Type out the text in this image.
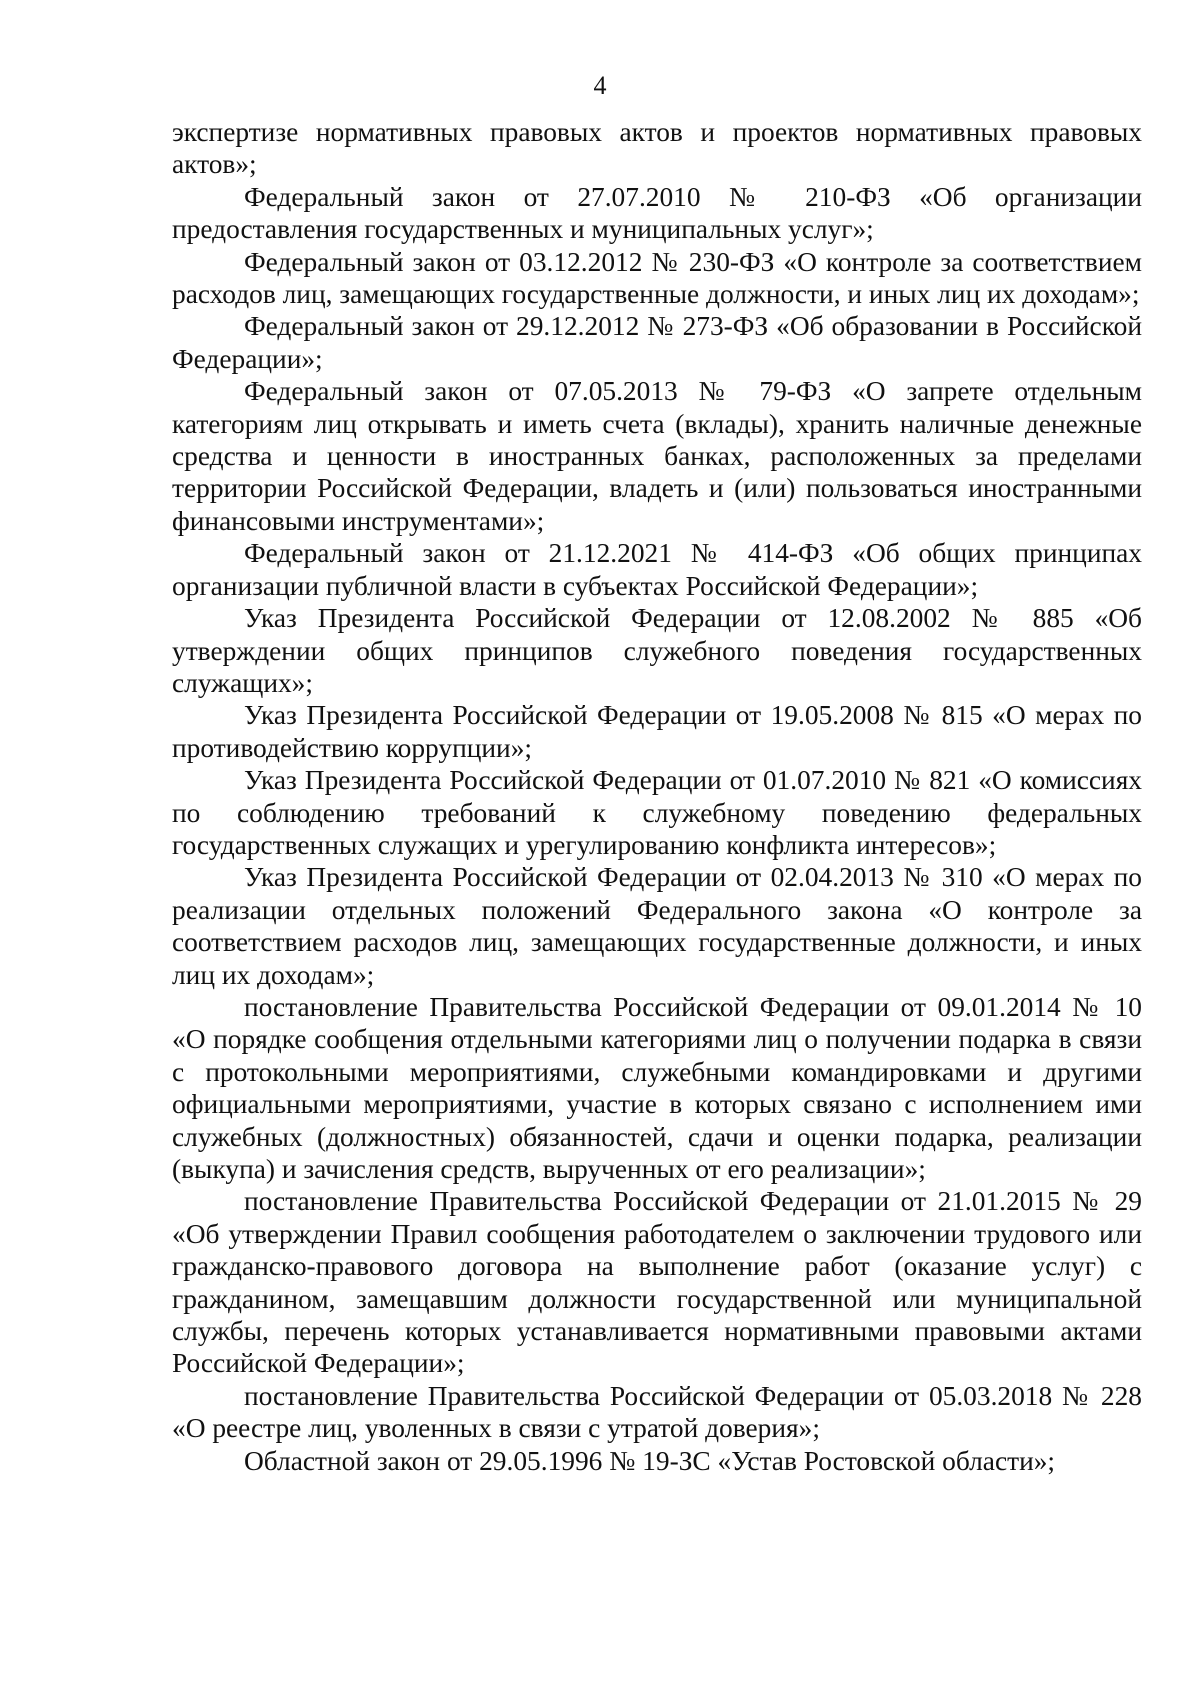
4

экспертизе нормативных правовых актов и проектов нормативных правовых актов»;

Федеральный закон от 27.07.2010 № 210-ФЗ «Об организации предоставления государственных и муниципальных услуг»;

Федеральный закон от 03.12.2012 № 230-ФЗ «О контроле за соответствием расходов лиц, замещающих государственные должности, и иных лиц их доходам»;

Федеральный закон от 29.12.2012 № 273-ФЗ «Об образовании в Российской Федерации»;

Федеральный закон от 07.05.2013 № 79-ФЗ «О запрете отдельным категориям лиц открывать и иметь счета (вклады), хранить наличные денежные средства и ценности в иностранных банках, расположенных за пределами территории Российской Федерации, владеть и (или) пользоваться иностранными финансовыми инструментами»;

Федеральный закон от 21.12.2021 № 414-ФЗ «Об общих принципах организации публичной власти в субъектах Российской Федерации»;

Указ Президента Российской Федерации от 12.08.2002 № 885 «Об утверждении общих принципов служебного поведения государственных служащих»;

Указ Президента Российской Федерации от 19.05.2008 № 815 «О мерах по противодействию коррупции»;

Указ Президента Российской Федерации от 01.07.2010 № 821 «О комиссиях по соблюдению требований к служебному поведению федеральных государственных служащих и урегулированию конфликта интересов»;

Указ Президента Российской Федерации от 02.04.2013 № 310 «О мерах по реализации отдельных положений Федерального закона «О контроле за соответствием расходов лиц, замещающих государственные должности, и иных лиц их доходам»;

постановление Правительства Российской Федерации от 09.01.2014 № 10 «О порядке сообщения отдельными категориями лиц о получении подарка в связи с протокольными мероприятиями, служебными командировками и другими официальными мероприятиями, участие в которых связано с исполнением ими служебных (должностных) обязанностей, сдачи и оценки подарка, реализации (выкупа) и зачисления средств, вырученных от его реализации»;

постановление Правительства Российской Федерации от 21.01.2015 № 29 «Об утверждении Правил сообщения работодателем о заключении трудового или гражданско-правового договора на выполнение работ (оказание услуг) с гражданином, замещавшим должности государственной или муниципальной службы, перечень которых устанавливается нормативными правовыми актами Российской Федерации»;

постановление Правительства Российской Федерации от 05.03.2018 № 228 «О реестре лиц, уволенных в связи с утратой доверия»;

Областной закон от 29.05.1996 № 19-ЗС «Устав Ростовской области»;
